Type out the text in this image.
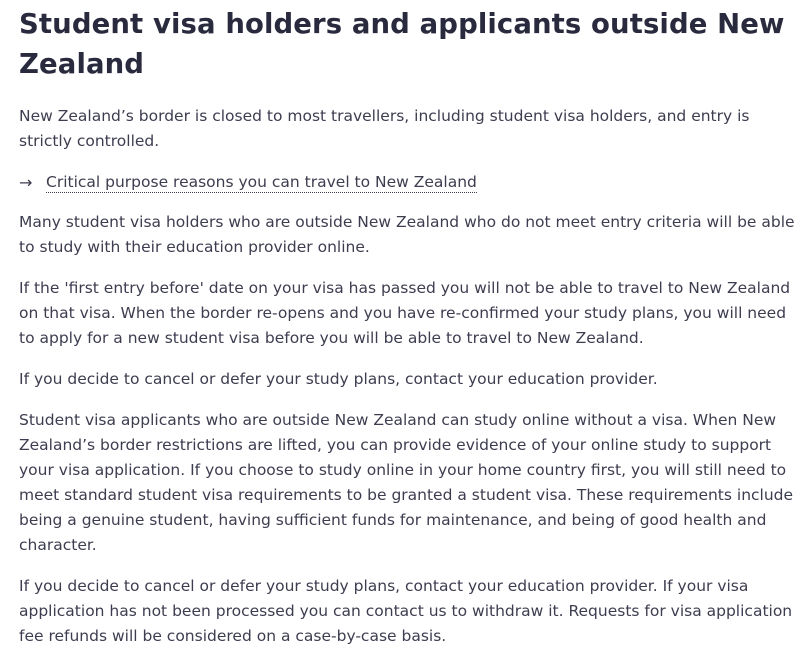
Student visa holders and applicants outside New Zealand

New Zealand’s border is closed to most travellers, including student visa holders, and entry is strictly controlled.

→ Critical purpose reasons you can travel to New Zealand

Many student visa holders who are outside New Zealand who do not meet entry criteria will be able to study with their education provider online.

If the 'first entry before' date on your visa has passed you will not be able to travel to New Zealand on that visa. When the border re-opens and you have re-confirmed your study plans, you will need to apply for a new student visa before you will be able to travel to New Zealand.

If you decide to cancel or defer your study plans, contact your education provider.

Student visa applicants who are outside New Zealand can study online without a visa. When New Zealand’s border restrictions are lifted, you can provide evidence of your online study to support your visa application. If you choose to study online in your home country first, you will still need to meet standard student visa requirements to be granted a student visa. These requirements include being a genuine student, having sufficient funds for maintenance, and being of good health and character.

If you decide to cancel or defer your study plans, contact your education provider. If your visa application has not been processed you can contact us to withdraw it. Requests for visa application fee refunds will be considered on a case-by-case basis.
